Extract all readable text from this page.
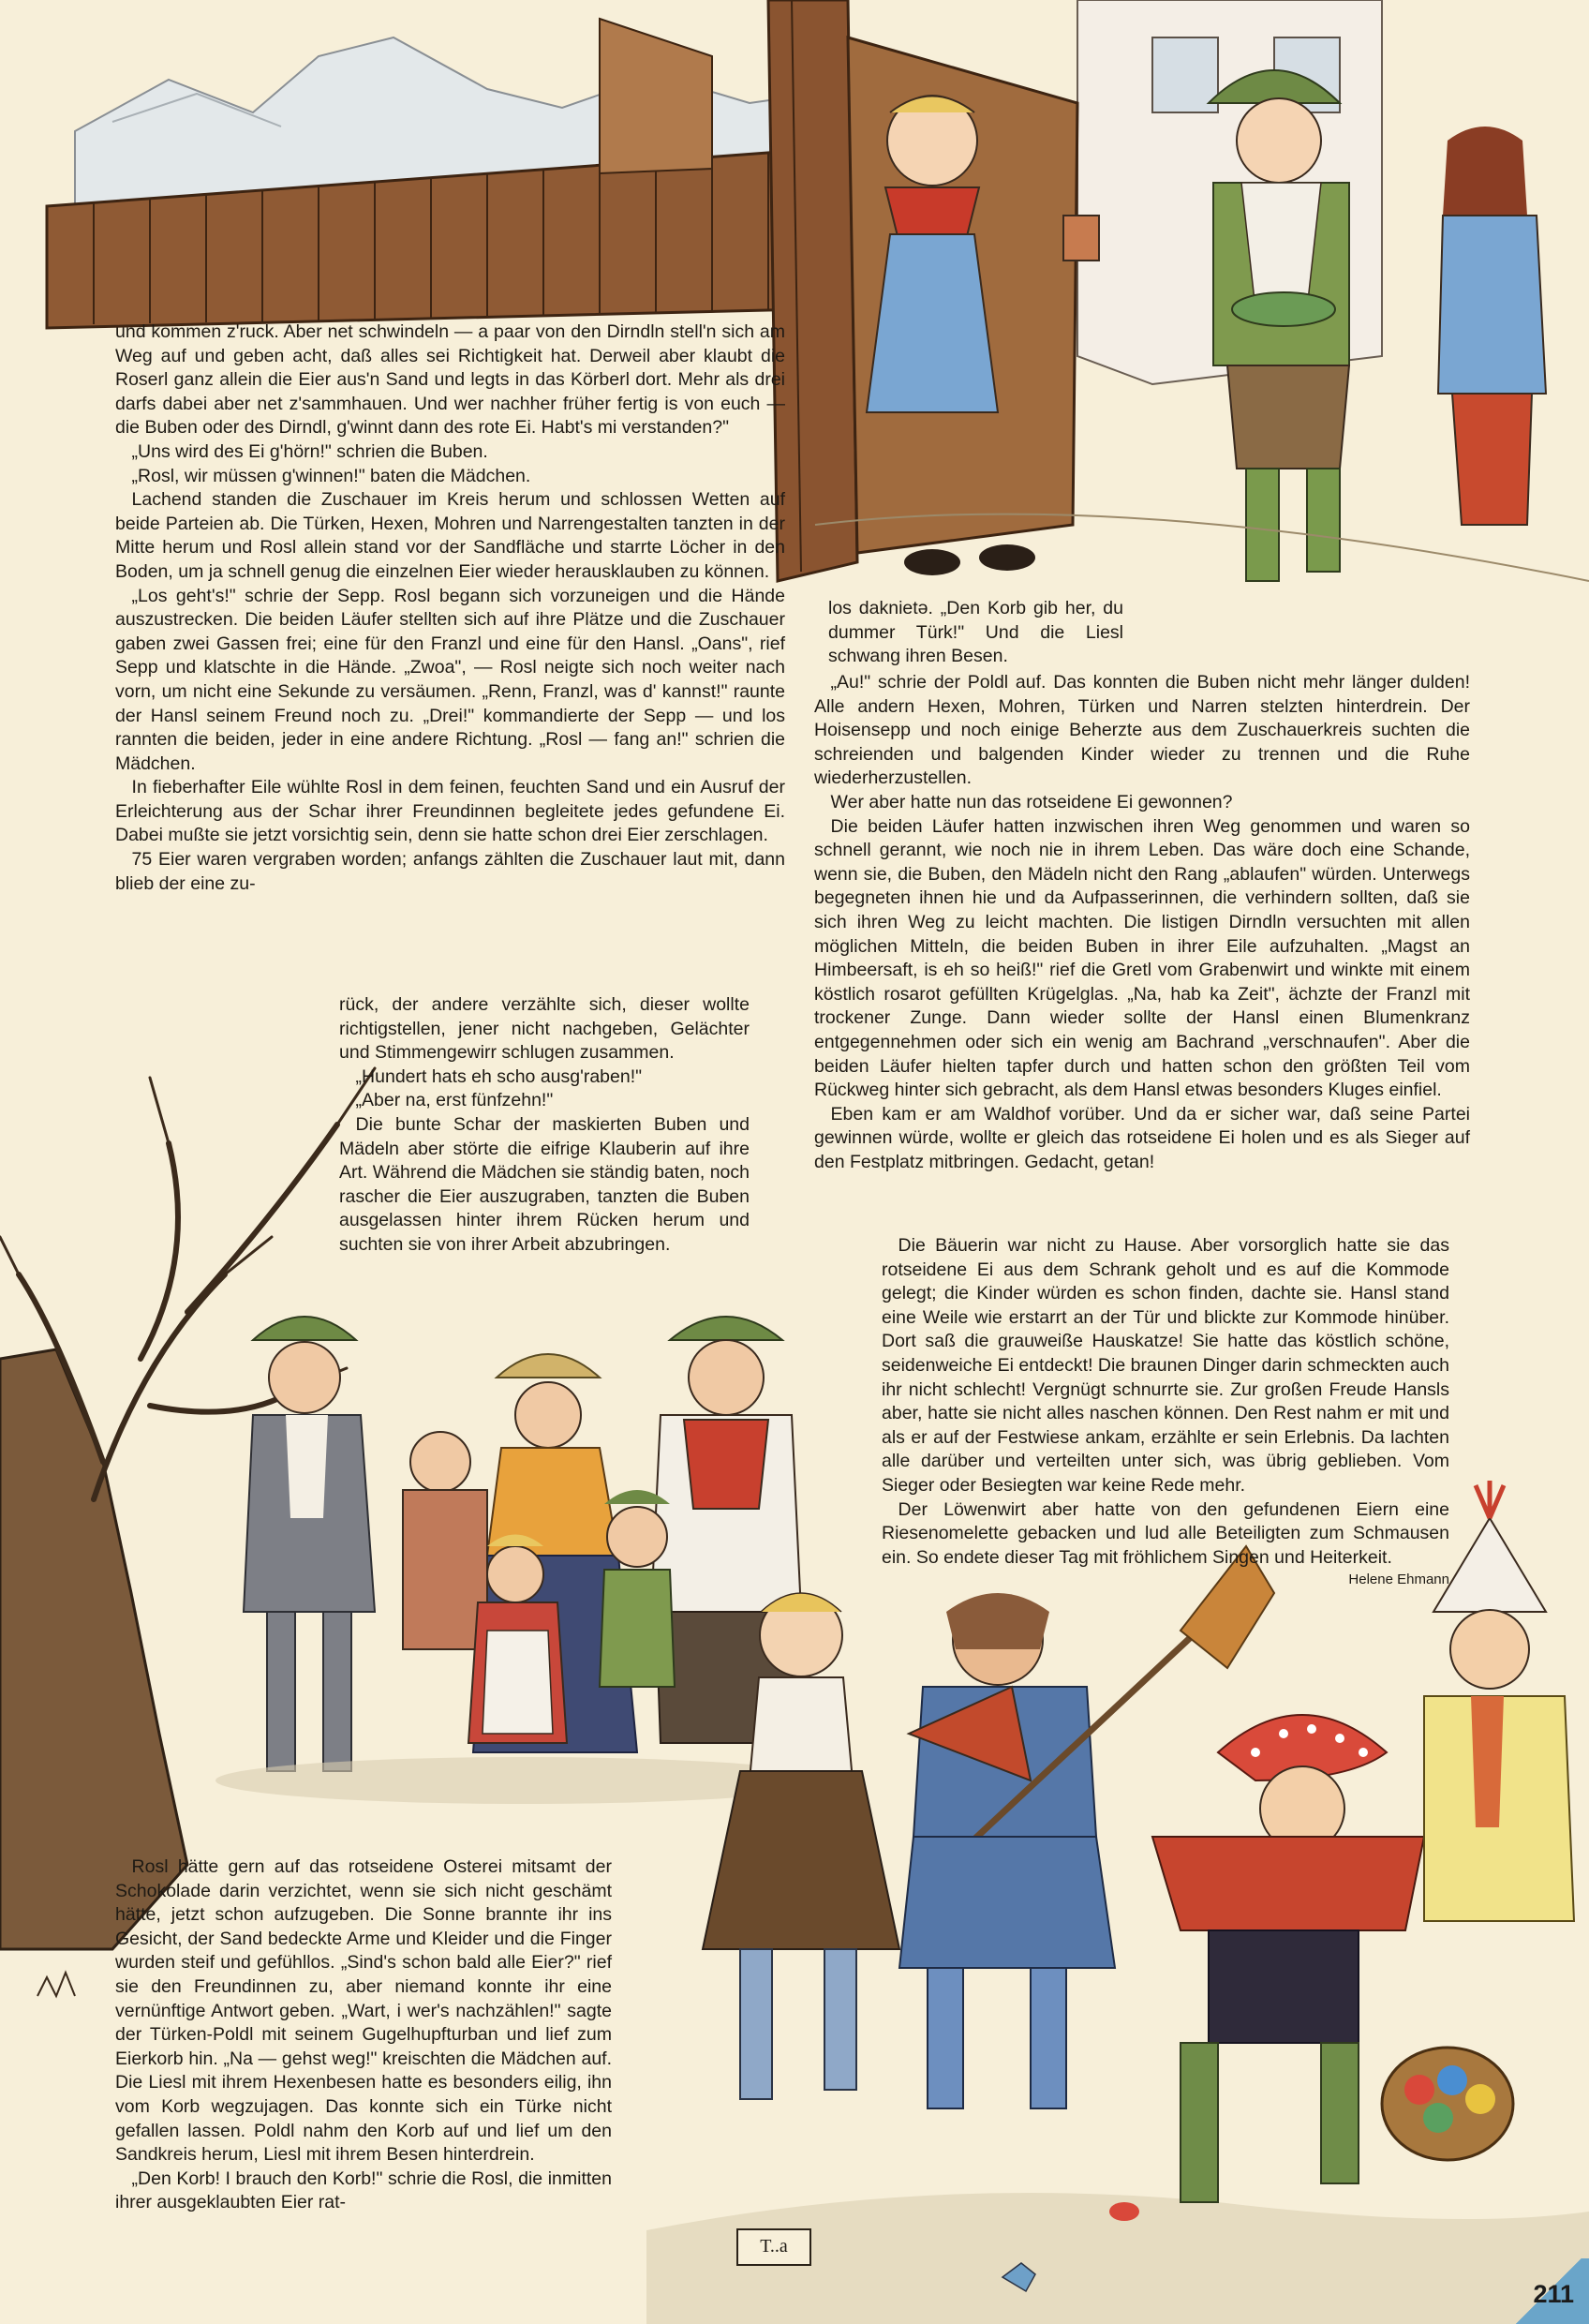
T..a

und kommen z'ruck. Aber net schwindeln — a paar von den Dirndln stell'n sich am Weg auf und geben acht, daß alles sei Richtigkeit hat. Derweil aber klaubt die Roserl ganz allein die Eier aus'n Sand und legts in das Körberl dort. Mehr als drei darfs dabei aber net z'sammhauen. Und wer nachher früher fertig is von euch — die Buben oder des Dirndl, g'winnt dann des rote Ei. Habt's mi verstanden?"

„Uns wird des Ei g'hörn!" schrien die Buben.

„Rosl, wir müssen g'winnen!" baten die Mädchen.

Lachend standen die Zuschauer im Kreis herum und schlossen Wetten auf beide Parteien ab. Die Türken, Hexen, Mohren und Narrengestalten tanzten in der Mitte herum und Rosl allein stand vor der Sandfläche und starrte Löcher in den Boden, um ja schnell genug die einzelnen Eier wieder herausklauben zu können.

„Los geht's!" schrie der Sepp. Rosl begann sich vorzuneigen und die Hände auszustrecken. Die beiden Läufer stellten sich auf ihre Plätze und die Zuschauer gaben zwei Gassen frei; eine für den Franzl und eine für den Hansl. „Oans", rief Sepp und klatschte in die Hände. „Zwoa", — Rosl neigte sich noch weiter nach vorn, um nicht eine Sekunde zu versäumen. „Renn, Franzl, was d' kannst!" raunte der Hansl seinem Freund noch zu. „Drei!" kommandierte der Sepp — und los rannten die beiden, jeder in eine andere Richtung. „Rosl — fang an!" schrien die Mädchen.

In fieberhafter Eile wühlte Rosl in dem feinen, feuchten Sand und ein Ausruf der Erleichterung aus der Schar ihrer Freundinnen begleitete jedes gefundene Ei. Dabei mußte sie jetzt vorsichtig sein, denn sie hatte schon drei Eier zerschlagen.

75 Eier waren vergraben worden; anfangs zählten die Zuschauer laut mit, dann blieb der eine zu-

rück, der andere verzählte sich, dieser wollte richtigstellen, jener nicht nachgeben, Gelächter und Stimmengewirr schlugen zusammen.

„Hundert hats eh scho ausg'raben!"

„Aber na, erst fünfzehn!"

Die bunte Schar der maskierten Buben und Mädeln aber störte die eifrige Klauberin auf ihre Art. Während die Mädchen sie ständig baten, noch rascher die Eier auszugraben, tanzten die Buben ausgelassen hinter ihrem Rücken herum und suchten sie von ihrer Arbeit abzubringen.

los daknietə. „Den Korb gib her, du dummer Türk!" Und die Liesl schwang ihren Besen.

„Au!" schrie der Poldl auf. Das konnten die Buben nicht mehr länger dulden! Alle andern Hexen, Mohren, Türken und Narren stelzten hinterdrein. Der Hoisensepp und noch einige Beherzte aus dem Zuschauerkreis suchten die schreienden und balgenden Kinder wieder zu trennen und die Ruhe wiederherzustellen.

Wer aber hatte nun das rotseidene Ei gewonnen?

Die beiden Läufer hatten inzwischen ihren Weg genommen und waren so schnell gerannt, wie noch nie in ihrem Leben. Das wäre doch eine Schande, wenn sie, die Buben, den Mädeln nicht den Rang „ablaufen" würden. Unterwegs begegneten ihnen hie und da Aufpasserinnen, die verhindern sollten, daß sie sich ihren Weg zu leicht machten. Die listigen Dirndln versuchten mit allen möglichen Mitteln, die beiden Buben in ihrer Eile aufzuhalten. „Magst an Himbeersaft, is eh so heiß!" rief die Gretl vom Grabenwirt und winkte mit einem köstlich rosarot gefüllten Krügelglas. „Na, hab ka Zeit", ächzte der Franzl mit trockener Zunge. Dann wieder sollte der Hansl einen Blumenkranz entgegennehmen oder sich ein wenig am Bachrand „verschnaufen". Aber die beiden Läufer hielten tapfer durch und hatten schon den größten Teil vom Rückweg hinter sich gebracht, als dem Hansl etwas besonders Kluges einfiel.

Eben kam er am Waldhof vorüber. Und da er sicher war, daß seine Partei gewinnen würde, wollte er gleich das rotseidene Ei holen und es als Sieger auf den Festplatz mitbringen. Gedacht, getan!

Die Bäuerin war nicht zu Hause. Aber vorsorglich hatte sie das rotseidene Ei aus dem Schrank geholt und es auf die Kommode gelegt; die Kinder würden es schon finden, dachte sie. Hansl stand eine Weile wie erstarrt an der Tür und blickte zur Kommode hinüber. Dort saß die grauweiße Hauskatze! Sie hatte das köstlich schöne, seidenweiche Ei entdeckt! Die braunen Dinger darin schmeckten auch ihr nicht schlecht! Vergnügt schnurrte sie. Zur großen Freude Hansls aber, hatte sie nicht alles naschen können. Den Rest nahm er mit und als er auf der Festwiese ankam, erzählte er sein Erlebnis. Da lachten alle darüber und verteilten unter sich, was übrig geblieben. Vom Sieger oder Besiegten war keine Rede mehr.

Der Löwenwirt aber hatte von den gefundenen Eiern eine Riesenomelette gebacken und lud alle Beteiligten zum Schmausen ein. So endete dieser Tag mit fröhlichem Singen und Heiterkeit.

Helene Ehmann

Rosl hätte gern auf das rotseidene Osterei mitsamt der Schokolade darin verzichtet, wenn sie sich nicht geschämt hätte, jetzt schon aufzugeben. Die Sonne brannte ihr ins Gesicht, der Sand bedeckte Arme und Kleider und die Finger wurden steif und gefühllos. „Sind's schon bald alle Eier?" rief sie den Freundinnen zu, aber niemand konnte ihr eine vernünftige Antwort geben. „Wart, i wer's nachzählen!" sagte der Türken-Poldl mit seinem Gugelhupfturban und lief zum Eierkorb hin. „Na — gehst weg!" kreischten die Mädchen auf. Die Liesl mit ihrem Hexenbesen hatte es besonders eilig, ihn vom Korb wegzujagen. Das konnte sich ein Türke nicht gefallen lassen. Poldl nahm den Korb auf und lief um den Sandkreis herum, Liesl mit ihrem Besen hinterdrein.

„Den Korb! I brauch den Korb!" schrie die Rosl, die inmitten ihrer ausgeklaubten Eier rat-

211
